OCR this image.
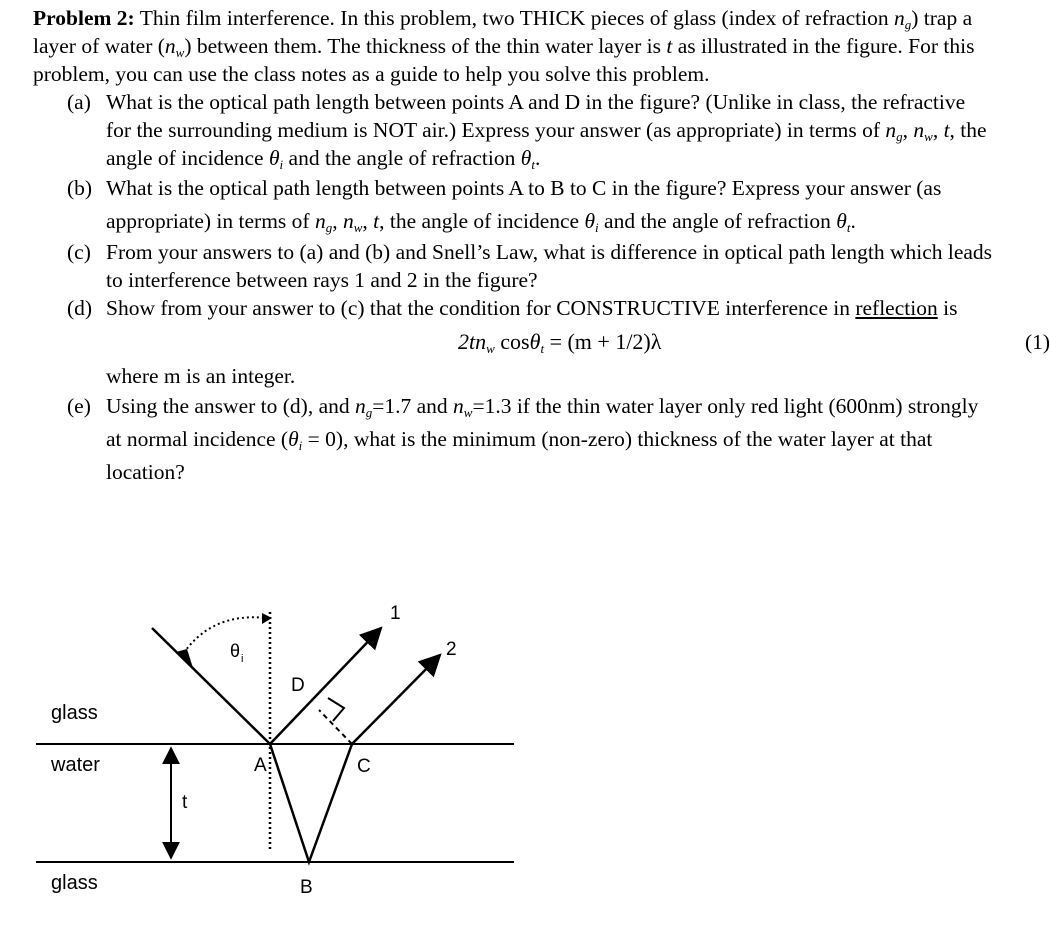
Problem 2: Thin film interference. In this problem, two THICK pieces of glass (index of refraction $n_g$) trap a layer of water $(n_w)$ between them. The thickness of the thin water layer is t as illustrated in the figure. For this problem, you can use the class notes as a guide to help you solve this problem.

(a) What is the optical path length between points A and D in the figure? (Unlike in class, the refractive for the surrounding medium is NOT air.) Express your answer (as appropriate) in terms of $n_g$, $n_w$, t, the angle of incidence $\theta_i$ and the angle of refraction $\theta_t$.
(b) What is the optical path length between points A to B to C in the figure? Express your answer (as appropriate) in terms of $n_g$, $n_w$, t, the angle of incidence $\theta_i$ and the angle of refraction $\theta_t$.
(c) From your answers to (a) and (b) and Snell’s Law, what is difference in optical path length which leads to interference between rays 1 and 2 in the figure?
(d) Show from your answer to (c) that the condition for CONSTRUCTIVE interference in reflection is
$2tn_w$ cosθ$_t$ = (m + 1/2)λ	(1)
where m is an integer.
(e) Using the answer to (d), and $n_g=1.7$ and $n_w=1.3$ if the thin water layer only red light (600nm) strongly at normal incidence $(\theta_i = 0)$, what is the minimum (non-zero) thickness of the water layer at that location?
glass
water
glass
θ i
A
B
C
D
t
1
2
